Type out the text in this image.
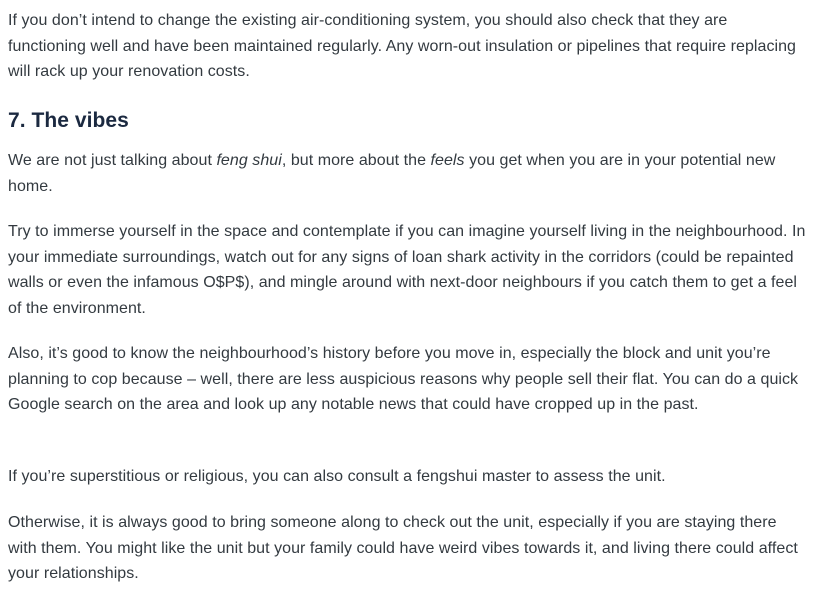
If you don’t intend to change the existing air-conditioning system, you should also check that they are functioning well and have been maintained regularly. Any worn-out insulation or pipelines that require replacing will rack up your renovation costs.

7. The vibes

We are not just talking about feng shui, but more about the feels you get when you are in your potential new home.

Try to immerse yourself in the space and contemplate if you can imagine yourself living in the neighbourhood. In your immediate surroundings, watch out for any signs of loan shark activity in the corridors (could be repainted walls or even the infamous O$P$), and mingle around with next-door neighbours if you catch them to get a feel of the environment.

Also, it’s good to know the neighbourhood’s history before you move in, especially the block and unit you’re planning to cop because – well, there are less auspicious reasons why people sell their flat. You can do a quick Google search on the area and look up any notable news that could have cropped up in the past.

If you’re superstitious or religious, you can also consult a fengshui master to assess the unit.

Otherwise, it is always good to bring someone along to check out the unit, especially if you are staying there with them. You might like the unit but your family could have weird vibes towards it, and living there could affect your relationships.
